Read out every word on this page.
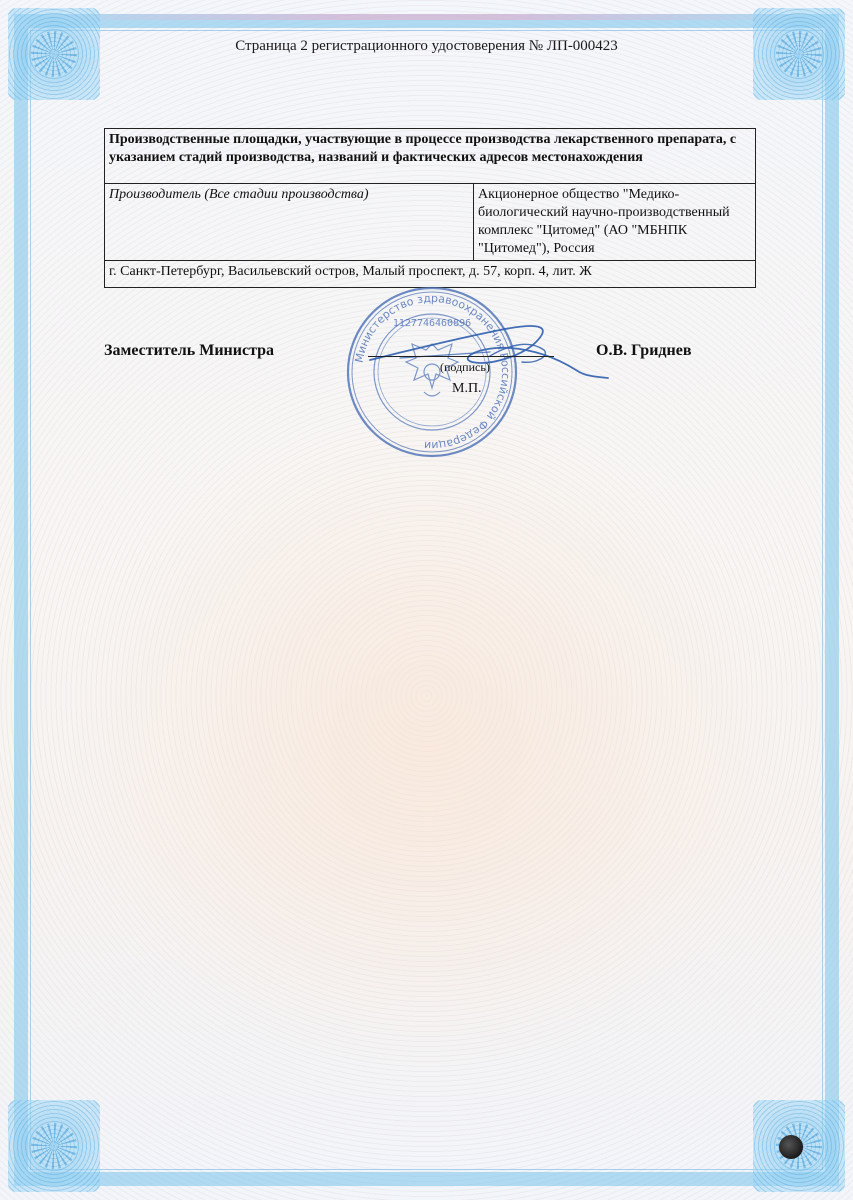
Страница 2 регистрационного удостоверения № ЛП-000423
Производственные площадки, участвующие в процессе производства лекарственного препарата, с указанием стадий производства, названий и фактических адресов местонахождения
Производитель (Все стадии производства)	Акционерное общество "Медико-биологический научно-производственный комплекс "Цитомед" (АО "МБНПК "Цитомед"), Россия
г. Санкт-Петербург, Васильевский остров, Малый проспект, д. 57, корп. 4, лит. Ж
Министерство здравоохранения оссийской Федерации
1127746460896
Заместитель Министра
(подпись)
М.П.
О.В. Гриднев
